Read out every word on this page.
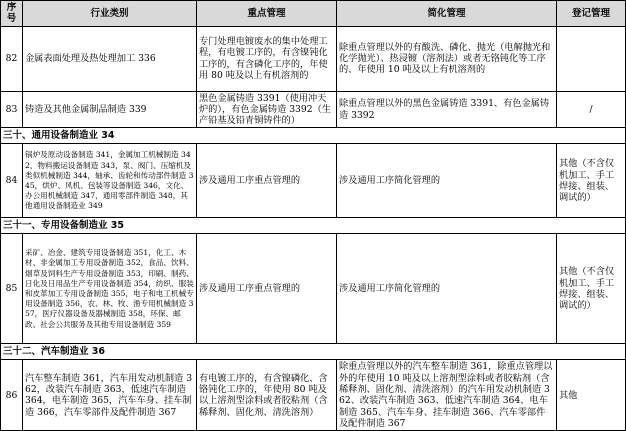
序号	行业类别	重点管理	简化管理	登记管理
82	金属表面处理及热处理加工 336	专门处理电镀废水的集中处理工程，有电镀工序的，有含镍钝化工序的，有含磷化工序的，年使用 80 吨及以上有机溶剂的	除重点管理以外的有酸洗、磷化、抛光（电解抛光和化学抛光）、热浸镀（溶剂法）或者无铬钝化等工序的、年使用 10 吨及以上有机溶剂的	
83	铸造及其他金属制品制造 339	黑色金属铸造 3391（使用冲天炉的），有色金属铸造 3392（生产铅基及铅青铜铸件的）	除重点管理以外的黑色金属铸造 3391、有色金属铸造 3392	/
三十、通用设备制造业 34				
84	锅炉及原动设备制造 341，金属加工机械制造 342，物料搬运设备制造 343，泵、阀门、压缩机及类似机械制造 344，轴承、齿轮和传动部件制造 345，烘炉、风机、包装等设备制造 346，文化、办公用机械制造 347，通用零部件制造 348，其他通用设备制造业 349	涉及通用工序重点管理的	涉及通用工序简化管理的	其他（不含仅机加工、手工焊接、组装、调试的）
三十一、专用设备制造业 35				
85	采矿、冶金、建筑专用设备制造 351，化工、木材、非金属加工专用设备制造 352，食品、饮料、烟草及饲料生产专用设备制造 353，印刷、制药、日化及日用品生产专用设备制造 354，纺织、服装和皮革加工专用设备制造 355，电子和电工机械专用设备制造 356，农、林、牧、渔专用机械制造 357，医疗仪器设备及器械制造 358，环保、邮政、社会公共服务及其他专用设备制造 359	涉及通用工序重点管理的	涉及通用工序简化管理的	其他（不含仅机加工、手工焊接、组装、调试的）
三十二、汽车制造业 36				
86	汽车整车制造 361，汽车用发动机制造 362，改装汽车制造 363，低速汽车制造 364，电车制造 365，汽车车身、挂车制造 366，汽车零部件及配件制造 367	有电镀工序的，有含镍磷化、含铬钝化工序的，年使用 80 吨及以上溶剂型涂料或者胶粘剂（含稀释剂、固化剂、清洗溶剂）	除重点管理以外的汽车整车制造 361，除重点管理以外的年使用 10 吨及以上溶剂型涂料或者胶粘剂（含稀释剂、固化剂、清洗溶剂）的汽车用发动机制造 362、改装汽车制造 363、低速汽车制造 364、电车制造 365、汽车车身、挂车制造 366、汽车零部件及配件制造 367	其他
